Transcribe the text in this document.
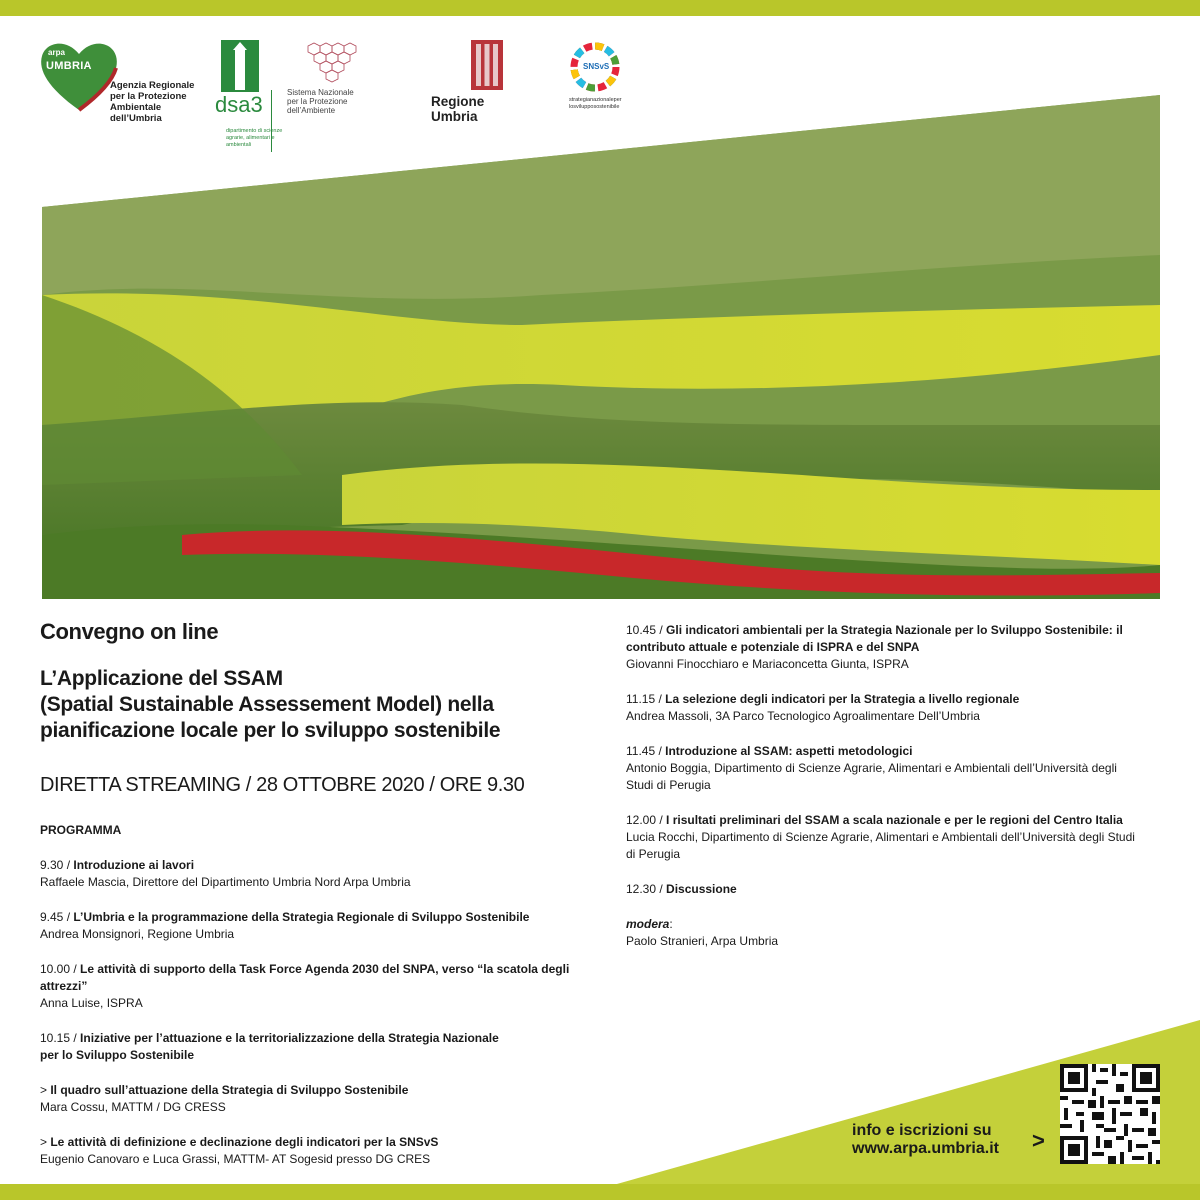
arpa
UMBRIA
Agenzia Regionale
per la Protezione
Ambientale dell’Umbria
dsa3
dipartimento di scienze agrarie, alimentari e ambientali
Sistema Nazionale
per la Protezione
dell’Ambiente
Regione Umbria
SNSvS
strategianazionaleper losvilupposostenibile
Convegno on line
L’Applicazione del SSAM
(Spatial Sustainable Assessement Model) nella
pianificazione locale per lo sviluppo sostenibile

DIRETTA STREAMING / 28 OTTOBRE 2020 / ORE 9.30

PROGRAMMA

9.30 / Introduzione ai lavori

Raffaele Mascia, Direttore del Dipartimento Umbria Nord Arpa Umbria

9.45 / L’Umbria e la programmazione della Strategia Regionale di Sviluppo Sostenibile

Andrea Monsignori, Regione Umbria

10.00 / Le attività di supporto della Task Force Agenda 2030 del SNPA, verso “la scatola degli attrezzi”

Anna Luise, ISPRA

10.15 / Iniziative per l’attuazione e la territorializzazione della Strategia Nazionale per lo Sviluppo Sostenibile

> Il quadro sull’attuazione della Strategia di Sviluppo Sostenibile

Mara Cossu, MATTM / DG CRESS

> Le attività di definizione e declinazione degli indicatori per la SNSvS

Eugenio Canovaro e Luca Grassi, MATTM- AT Sogesid presso DG CRES

10.45 / Gli indicatori ambientali per la Strategia Nazionale per lo Sviluppo Sostenibile: il contributo attuale e potenziale di ISPRA e del SNPA

Giovanni Finocchiaro e Mariaconcetta Giunta, ISPRA

11.15 / La selezione degli indicatori per la Strategia a livello regionale

Andrea Massoli, 3A Parco Tecnologico Agroalimentare Dell’Umbria

11.45 / Introduzione al SSAM: aspetti metodologici

Antonio Boggia, Dipartimento di Scienze Agrarie, Alimentari e Ambientali dell’Università degli Studi di Perugia

12.00 / I risultati preliminari del SSAM a scala nazionale e per le regioni del Centro Italia

Lucia Rocchi, Dipartimento di Scienze Agrarie, Alimentari e Ambientali dell’Università degli Studi di Perugia

12.30 / Discussione

modera:

Paolo Stranieri, Arpa Umbria

info e iscrizioni su
www.arpa.umbria.it >
